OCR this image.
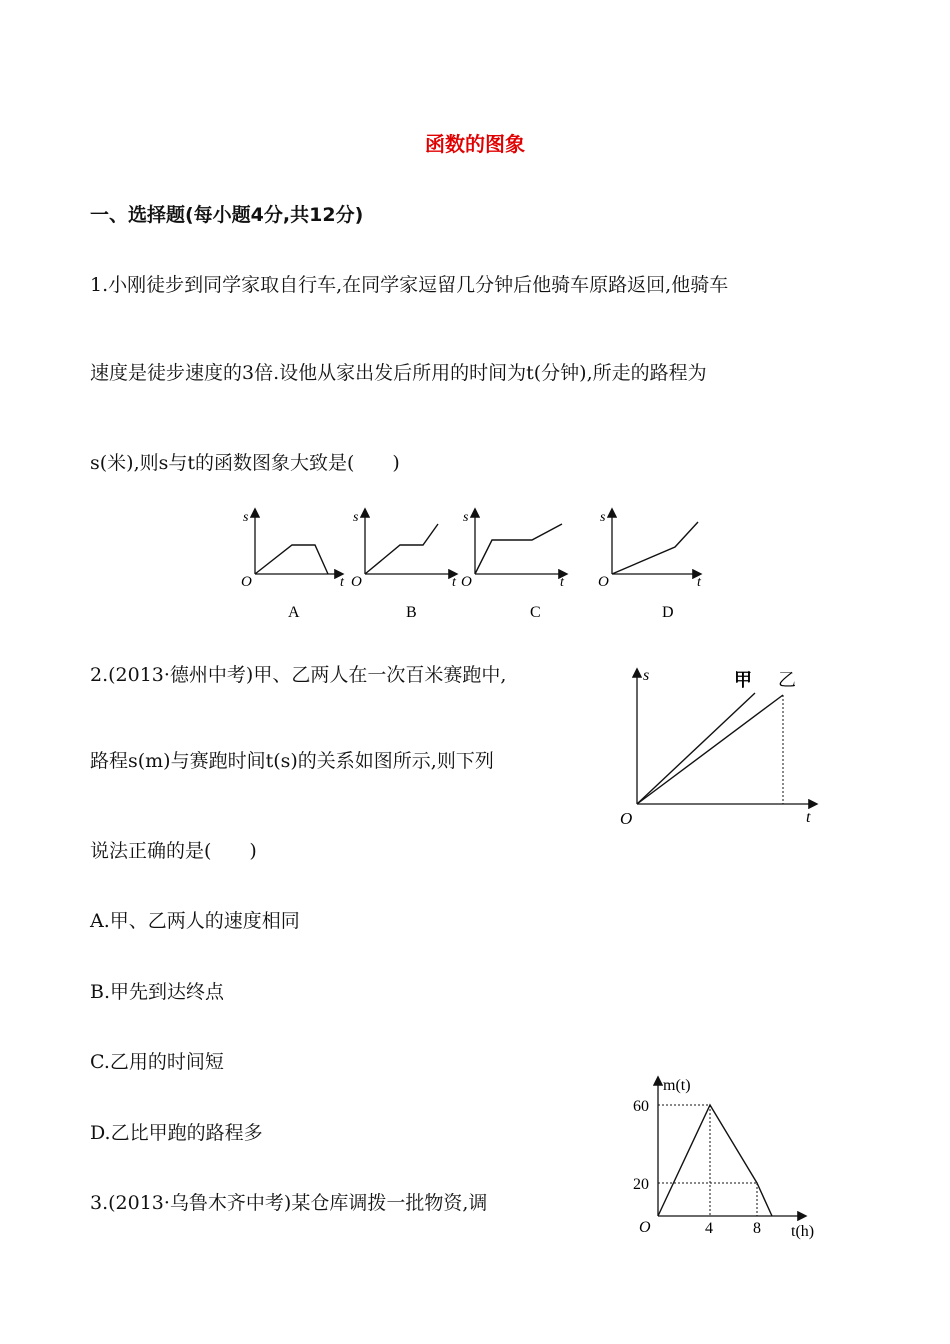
函数的图象
一、选择题(每小题4分,共12分)
1.小刚徒步到同学家取自行车,在同学家逗留几分钟后他骑车原路返回,他骑车
速度是徒步速度的3倍.设他从家出发后所用的时间为t(分钟),所走的路程为
s(米),则s与t的函数图象大致是(　　)
s
t
O
A
s
t
O
B
s
t
O
C
s
t
O
D
2.(2013·德州中考)甲、乙两人在一次百米赛跑中,
路程s(m)与赛跑时间t(s)的关系如图所示,则下列
说法正确的是(　　)
s
t
O
甲 乙
A.甲、乙两人的速度相同
B.甲先到达终点
C.乙用的时间短
D.乙比甲跑的路程多
3.(2013·乌鲁木齐中考)某仓库调拨一批物资,调
m(t)
t(h)
O
60
20
4	8
